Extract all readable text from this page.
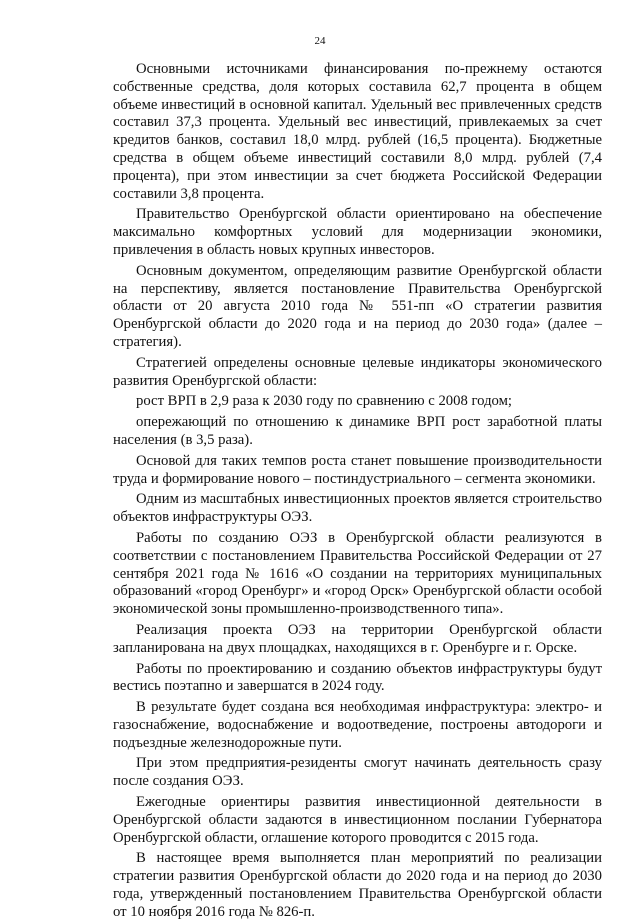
24

Основными источниками финансирования по-прежнему остаются собственные средства, доля которых составила 62,7 процента в общем объеме инвестиций в основной капитал. Удельный вес привлеченных средств составил 37,3 процента. Удельный вес инвестиций, привлекаемых за счет кредитов банков, составил 18,0 млрд. рублей (16,5 процента). Бюджетные средства в общем объеме инвестиций составили 8,0 млрд. рублей (7,4 процента), при этом инвестиции за счет бюджета Российской Федерации составили 3,8 процента.

Правительство Оренбургской области ориентировано на обеспечение максимально комфортных условий для модернизации экономики, привлечения в область новых крупных инвесторов.

Основным документом, определяющим развитие Оренбургской области на перспективу, является постановление Правительства Оренбургской области от 20 августа 2010 года № 551-пп «О стратегии развития Оренбургской области до 2020 года и на период до 2030 года» (далее – стратегия).

Стратегией определены основные целевые индикаторы экономического развития Оренбургской области:

рост ВРП в 2,9 раза к 2030 году по сравнению с 2008 годом;

опережающий по отношению к динамике ВРП рост заработной платы населения (в 3,5 раза).

Основой для таких темпов роста станет повышение производительности труда и формирование нового – постиндустриального – сегмента экономики.

Одним из масштабных инвестиционных проектов является строительство объектов инфраструктуры ОЭЗ.

Работы по созданию ОЭЗ в Оренбургской области реализуются в соответствии с постановлением Правительства Российской Федерации от 27 сентября 2021 года № 1616 «О создании на территориях муниципальных образований «город Оренбург» и «город Орск» Оренбургской области особой экономической зоны промышленно-производственного типа».

Реализация проекта ОЭЗ на территории Оренбургской области запланирована на двух площадках, находящихся в г. Оренбурге и г. Орске.

Работы по проектированию и созданию объектов инфраструктуры будут вестись поэтапно и завершатся в 2024 году.

В результате будет создана вся необходимая инфраструктура: электро- и газоснабжение, водоснабжение и водоотведение, построены автодороги и подъездные железнодорожные пути.

При этом предприятия-резиденты смогут начинать деятельность сразу после создания ОЭЗ.

Ежегодные ориентиры развития инвестиционной деятельности в Оренбургской области задаются в инвестиционном послании Губернатора Оренбургской области, оглашение которого проводится с 2015 года.

В настоящее время выполняется план мероприятий по реализации стратегии развития Оренбургской области до 2020 года и на период до 2030 года, утвержденный постановлением Правительства Оренбургской области от 10 ноября 2016 года № 826-п.
